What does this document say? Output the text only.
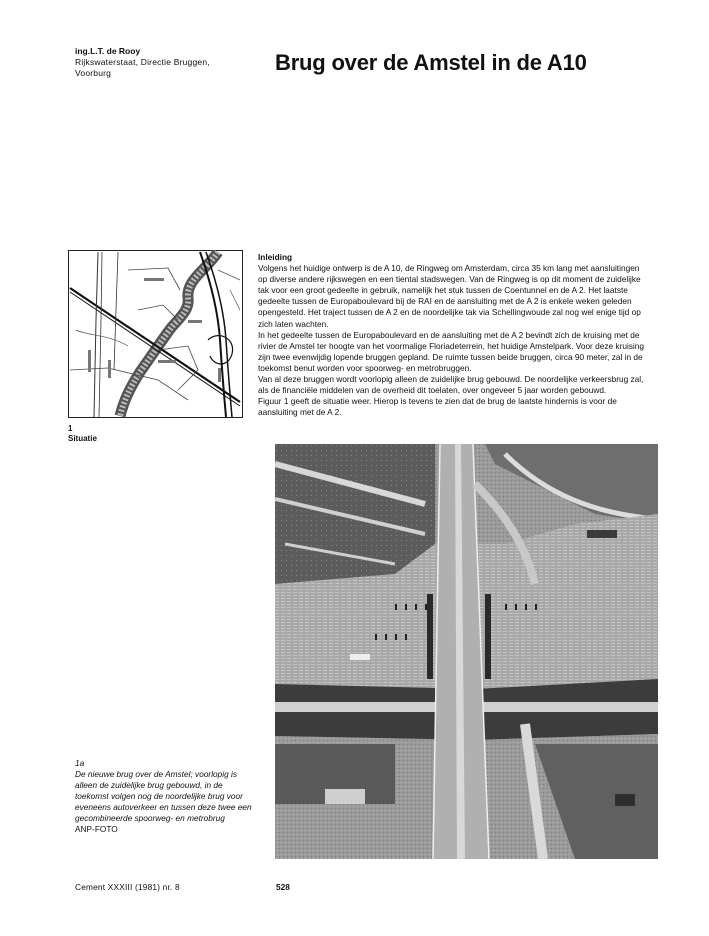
ing.L.T. de Rooy
Rijkswaterstaat, Directie Bruggen, Voorburg	Brug over de Amstel in de A10
1
Situatie
Inleiding

Volgens het huidige ontwerp is de A 10, de Ringweg om Amsterdam, circa 35 km lang met aansluitingen op diverse andere rijkswegen en een tiental stadswegen. Van de Ringweg is op dit moment de zuidelijke tak voor een groot gedeelte in gebruik, namelijk het stuk tussen de Coentunnel en de A 2. Het laatste gedeelte tussen de Europaboulevard bij de RAI en de aansluiting met de A 2 is enkele weken geleden opengesteld. Het traject tussen de A 2 en de noordelijke tak via Schellingwoude zal nog wel enige tijd op zich laten wachten.

In het gedeelte tussen de Europaboulevard en de aansluiting met de A 2 bevindt zich de kruising met de rivier de Amstel ter hoogte van het voormalige Floriadeterrein, het huidige Amstelpark. Voor deze kruising zijn twee evenwijdig lopende bruggen gepland. De ruimte tussen beide bruggen, circa 90 meter, zal in de toekomst benut worden voor spoorweg- en metrobruggen.

Van al deze bruggen wordt voorlopig alleen de zuidelijke brug gebouwd. De noordelijke verkeersbrug zal, als de financiële middelen van de overheid dit toelaten, over ongeveer 5 jaar worden gebouwd.

Figuur 1 geeft de situatie weer. Hierop is tevens te zien dat de brug de laatste hindernis is voor de aansluiting met de A 2.

1a
De nieuwe brug over de Amstel; voorlopig is alleen de zuidelijke brug gebouwd, in de toekomst volgen nog de noordelijke brug voor eveneens autoverkeer en tussen deze twee een gecombineerde spoorweg- en metrobrug
ANP-FOTO
Cement XXXIII (1981) nr. 8	528
